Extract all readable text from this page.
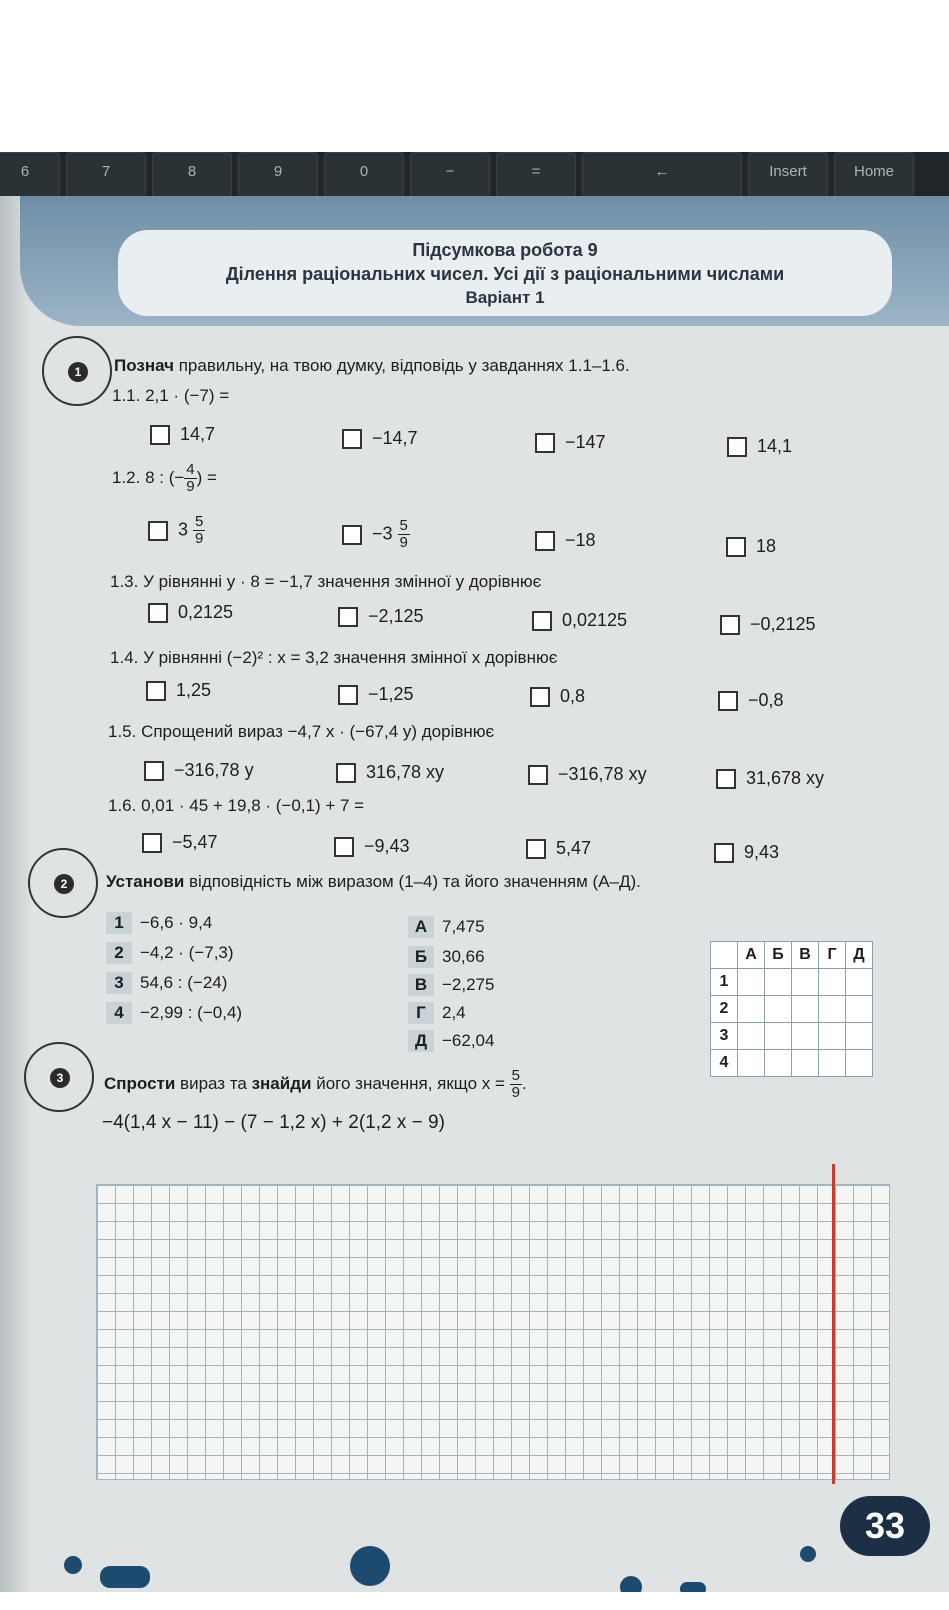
6	7	8	9	0	−	=	←	Insert	Home
Підсумкова робота 9
Ділення раціональних чисел. Усі дії з раціональними числами
Варіант 1
1	Познач правильну, на твою думку, відповідь у завданнях 1.1–1.6.
1.1. 2,1 · (−7) =
14,7	−14,7	−147	14,1
1.2. 8 : (− $\frac{4}{9}$ ) =
$3 \frac{5}{9}$	$-3 \frac{5}{9}$	−18	18
1.3. У рівнянні y · 8 = −1,7 значення змінної y дорівнює
0,2125	−2,125	0,02125	−0,2125
1.4. У рівнянні (−2)² : x = 3,2 значення змінної x дорівнює
1,25	−1,25	0,8	−0,8
1.5. Спрощений вираз −4,7 x · (−67,4 y) дорівнює
−316,78 y	316,78 xy	−316,78 xy	31,678 xy
1.6. 0,01 · 45 + 19,8 · (−0,1) + 7 =
−5,47	−9,43	5,47	9,43
2	Установи відповідність між виразом (1–4) та його значенням (А–Д).
1 −6,6 · 9,4
2 −4,2 · (−7,3)
3 54,6 : (−24)
4 −2,99 : (−0,4)
А 7,475
Б 30,66
В −2,275
Г 2,4
Д −62,04
	А	Б	В	Г	Д
1					
2					
3					
4					
3	Спрости вираз та знайди його значення, якщо $x = \frac{5}{9}$ .
−4(1,4 x − 11) − (7 − 1,2 x) + 2(1,2 x − 9)
33
